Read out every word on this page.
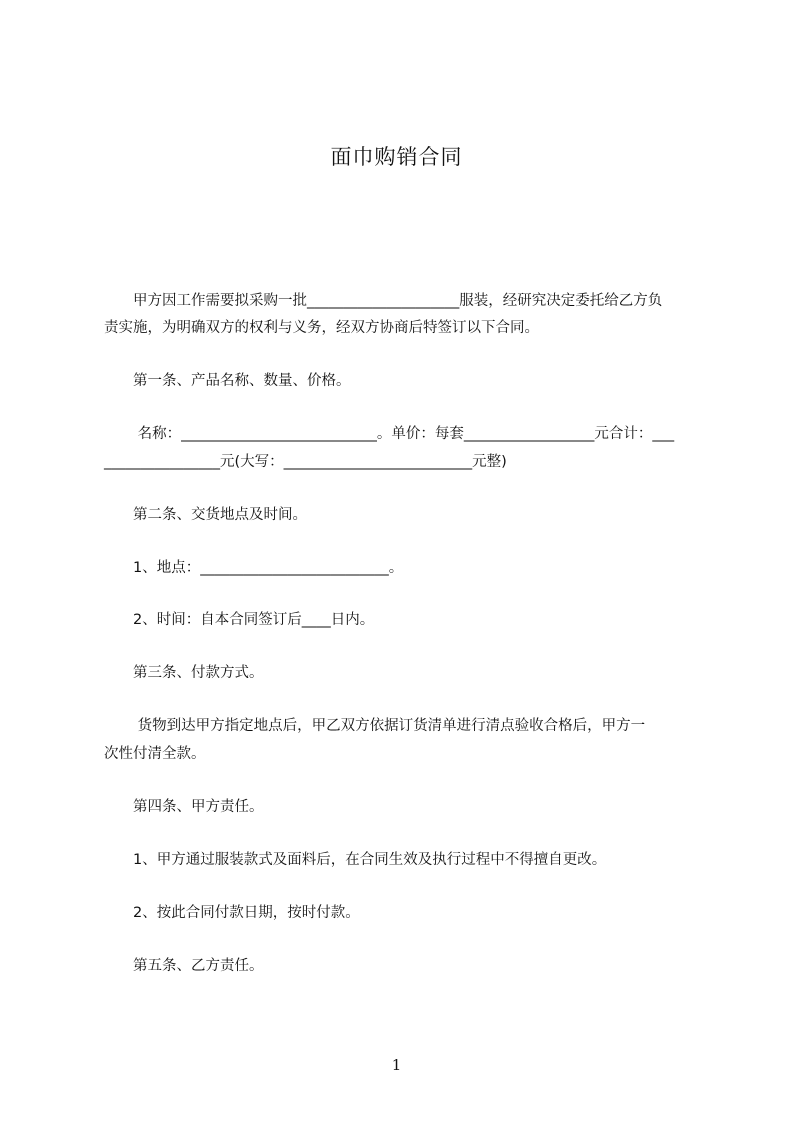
面巾购销合同
　　甲方因工作需要拟采购一批_____________________服装，经研究决定委托给乙方负
责实施，为明确双方的权利与义务，经双方协商后特签订以下合同。
　　第一条、产品名称、数量、价格。
　　 名称：___________________________。单价：每套__________________元合计：___
________________元(大写：__________________________元整)
　　第二条、交货地点及时间。
　　1、地点：__________________________。
　　2、时间：自本合同签订后____日内。
　　第三条、付款方式。
　　 货物到达甲方指定地点后，甲乙双方依据订货清单进行清点验收合格后，甲方一
次性付清全款。
　　第四条、甲方责任。
　　1、甲方通过服装款式及面料后，在合同生效及执行过程中不得擅自更改。
　　2、按此合同付款日期，按时付款。
　　第五条、乙方责任。
1
